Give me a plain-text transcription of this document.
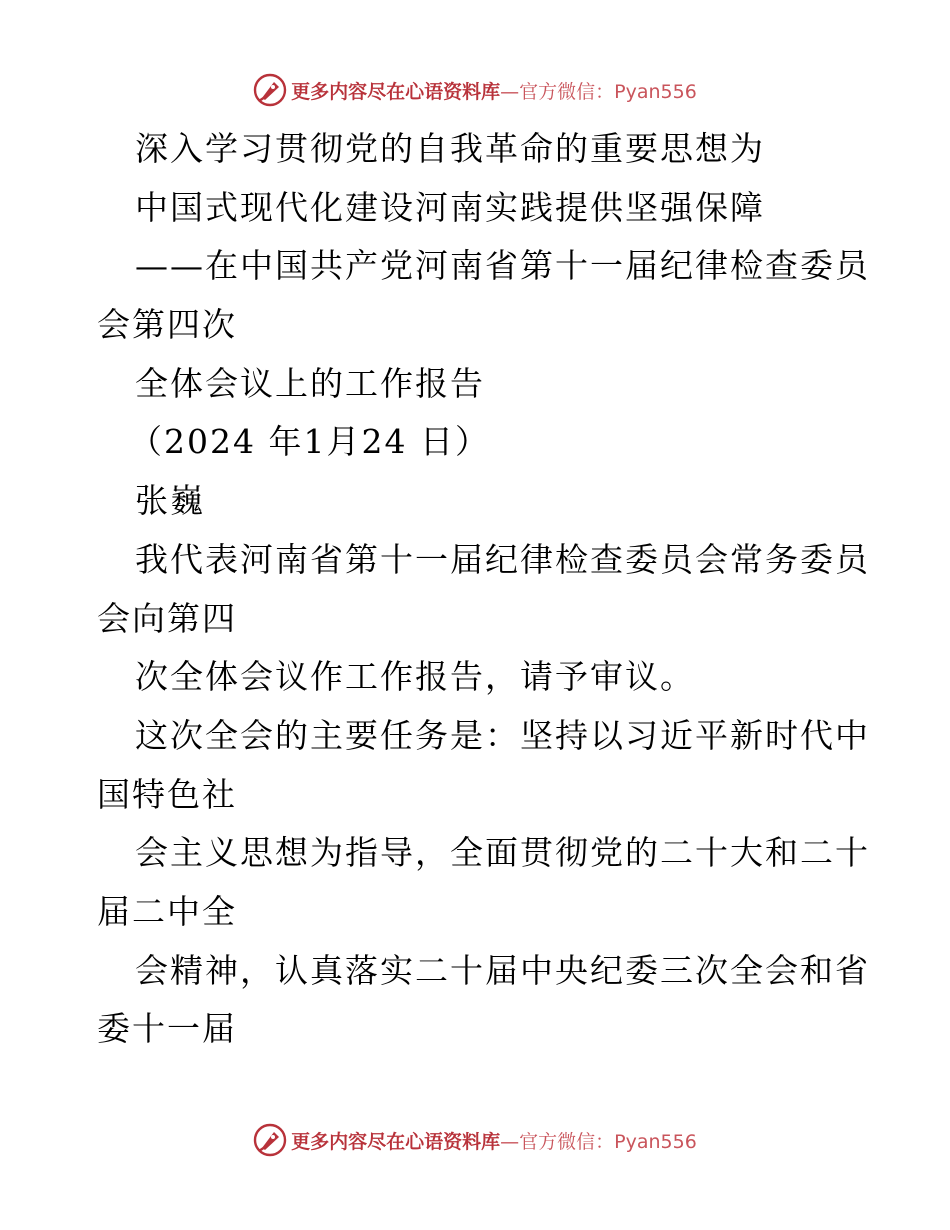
更多内容尽在心语资料库—官方微信：Pyan556
深入学习贯彻党的自我革命的重要思想为
中国式现代化建设河南实践提供坚强保障
——在中国共产党河南省第十一届纪律检查委员
会第四次
全体会议上的工作报告
（2024 年1月24 日）
张巍
我代表河南省第十一届纪律检查委员会常务委员
会向第四
次全体会议作工作报告，请予审议。
这次全会的主要任务是：坚持以习近平新时代中
国特色社
会主义思想为指导，全面贯彻党的二十大和二十
届二中全
会精神，认真落实二十届中央纪委三次全会和省
委十一届
更多内容尽在心语资料库—官方微信：Pyan556
